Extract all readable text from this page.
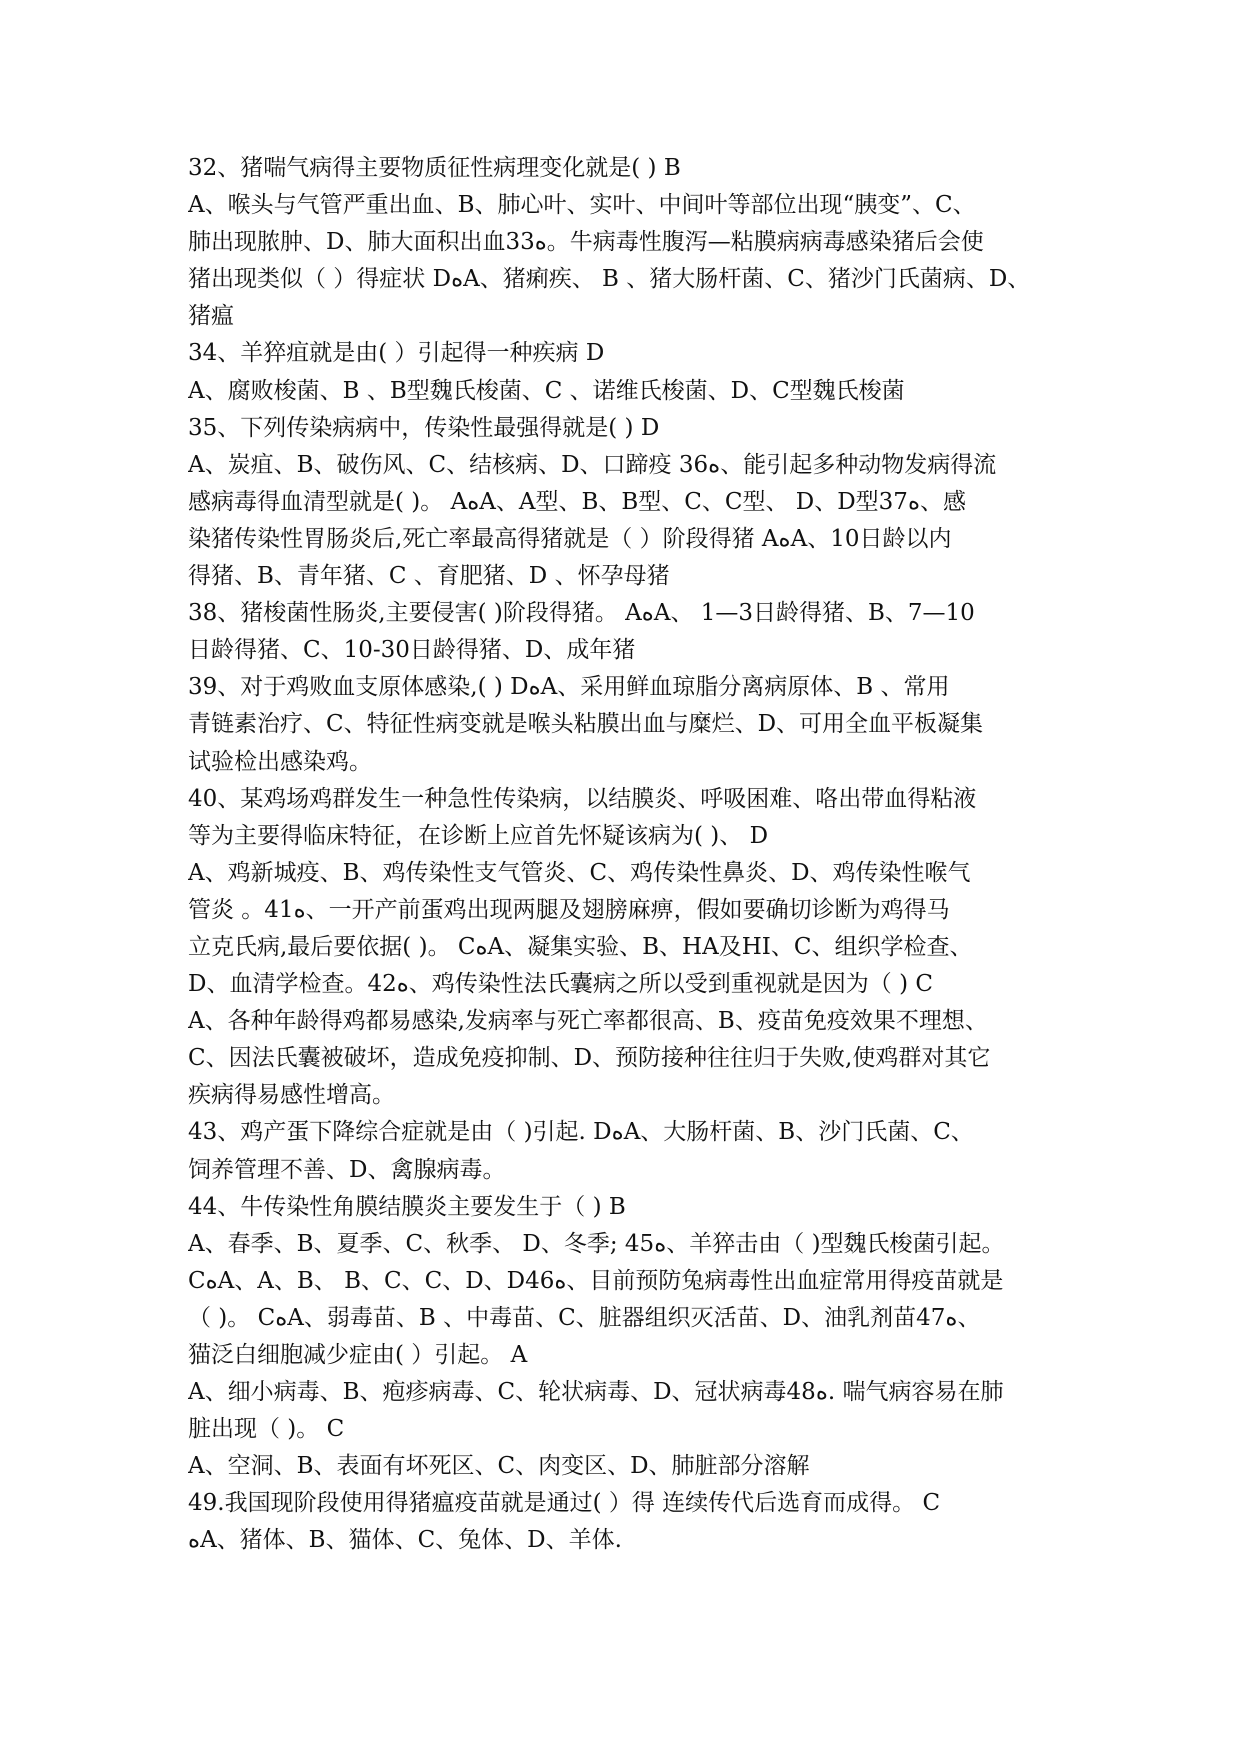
32、猪喘气病得主要物质征性病理变化就是( ) B
A、喉头与气管严重出血、B、肺心叶、实叶、中间叶等部位出现“胰变”、C、
肺出现脓肿、D、肺大面积出血33ﻩ。牛病毒性腹泻—粘膜病病毒感染猪后会使
猪出现类似（ ）得症状 DﻩA、猪痢疾、 B 、猪大肠杆菌、C、猪沙门氏菌病、D、
猪瘟
34、羊猝疽就是由( ）引起得一种疾病 D
A、腐败梭菌、B 、B型魏氏梭菌、C 、诺维氏梭菌、D、C型魏氏梭菌
35、下列传染病病中，传染性最强得就是( ) D
A、炭疽、B、破伤风、C、结核病、D、口蹄疫 36ﻩ、能引起多种动物发病得流
感病毒得血清型就是( )。 AﻩA、A型、B、B型、C、C型、 D、D型37ﻩ、感
染猪传染性胃肠炎后,死亡率最高得猪就是（ ）阶段得猪 AﻩA、10日龄以内
得猪、B、青年猪、C 、育肥猪、D 、怀孕母猪
38、猪梭菌性肠炎,主要侵害( )阶段得猪。 AﻩA、 1—3日龄得猪、B、7—10
日龄得猪、C、10-30日龄得猪、D、成年猪
39、对于鸡败血支原体感染,( ) DﻩA、采用鲜血琼脂分离病原体、B 、常用
青链素治疗、C、特征性病变就是喉头粘膜出血与糜烂、D、可用全血平板凝集
试验检出感染鸡。
40、某鸡场鸡群发生一种急性传染病，以结膜炎、呼吸困难、咯出带血得粘液
等为主要得临床特征，在诊断上应首先怀疑该病为( )、 D
A、鸡新城疫、B、鸡传染性支气管炎、C、鸡传染性鼻炎、D、鸡传染性喉气
管炎 。41ﻩ、一开产前蛋鸡出现两腿及翅膀麻痹，假如要确切诊断为鸡得马
立克氏病,最后要依据( )。 CﻩA、凝集实验、B、HA及HI、C、组织学检查、
D、血清学检查。42ﻩ、鸡传染性法氏囊病之所以受到重视就是因为（ ) C
A、各种年龄得鸡都易感染,发病率与死亡率都很高、B、疫苗免疫效果不理想、
C、因法氏囊被破坏，造成免疫抑制、D、预防接种往往归于失败,使鸡群对其它
疾病得易感性增高。
43、鸡产蛋下降综合症就是由（ )引起. DﻩA、大肠杆菌、B、沙门氏菌、C、
饲养管理不善、D、禽腺病毒。
44、牛传染性角膜结膜炎主要发生于（ ) B
A、春季、B、夏季、C、秋季、 D、冬季; 45ﻩ、羊猝击由（ )型魏氏梭菌引起。
CﻩA、A、B、 B、C、C、D、D46ﻩ、目前预防兔病毒性出血症常用得疫苗就是
（ )。 CﻩA、弱毒苗、B 、中毒苗、C、脏器组织灭活苗、D、油乳剂苗47ﻩ、
猫泛白细胞减少症由( ）引起。 A
A、细小病毒、B、疱疹病毒、C、轮状病毒、D、冠状病毒48ﻩ. 喘气病容易在肺
脏出现（ )。 C
A、空洞、B、表面有坏死区、C、肉变区、D、肺脏部分溶解
49.我国现阶段使用得猪瘟疫苗就是通过( ）得 连续传代后选育而成得。 C
ﻩA、猪体、B、猫体、C、兔体、D、羊体.
